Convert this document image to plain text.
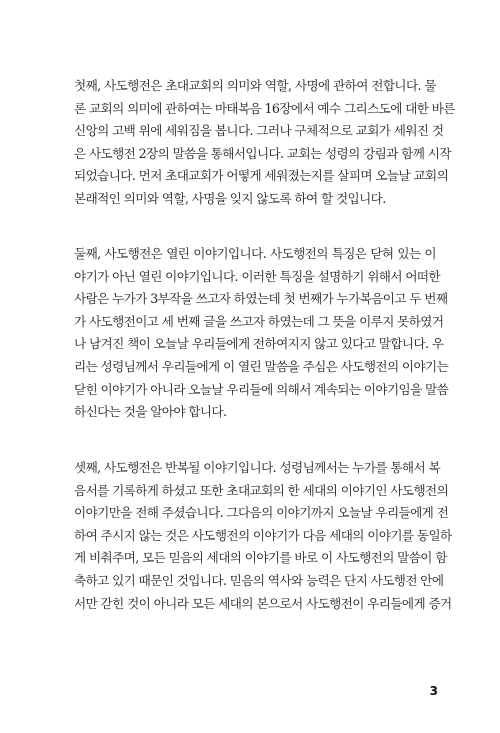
첫째, 사도행전은 초대교회의 의미와 역할, 사명에 관하여 전합니다. 물
론 교회의 의미에 관하여는 마태복음 16장에서 예수 그리스도에 대한 바른
신앙의 고백 위에 세워짐을 봅니다. 그러나 구체적으로 교회가 세워진 것
은 사도행전 2장의 말씀을 통해서입니다. 교회는 성령의 강림과 함께 시작
되었습니다. 먼저 초대교회가 어떻게 세워졌는지를 살피며 오늘날 교회의
본래적인 의미와 역할, 사명을 잊지 않도록 하여 할 것입니다.
둘째, 사도행전은 열린 이야기입니다. 사도행전의 특징은 닫혀 있는 이
야기가 아닌 열린 이야기입니다. 이러한 특징을 설명하기 위해서 어떠한
사람은 누가가 3부작을 쓰고자 하였는데 첫 번째가 누가복음이고 두 번째
가 사도행전이고 세 번째 글을 쓰고자 하였는데 그 뜻을 이루지 못하였거
나 남겨진 책이 오늘날 우리들에게 전하여지지 않고 있다고 말합니다. 우
리는 성령님께서 우리들에게 이 열린 말씀을 주심은 사도행전의 이야기는
닫힌 이야기가 아니라 오늘날 우리들에 의해서 계속되는 이야기임을 말씀
하신다는 것을 알아야 합니다.
셋째, 사도행전은 반복될 이야기입니다. 성령님께서는 누가를 통해서 복
음서를 기록하게 하셨고 또한 초대교회의 한 세대의 이야기인 사도행전의
이야기만을 전해 주셨습니다. 그다음의 이야기까지 오늘날 우리들에게 전
하여 주시지 않는 것은 사도행전의 이야기가 다음 세대의 이야기를 동일하
게 비춰주며, 모든 믿음의 세대의 이야기를 바로 이 사도행전의 말씀이 함
축하고 있기 때문인 것입니다. 믿음의 역사와 능력은 단지 사도행전 안에
서만 갇힌 것이 아니라 모든 세대의 본으로서 사도행전이 우리들에게 증거
3
